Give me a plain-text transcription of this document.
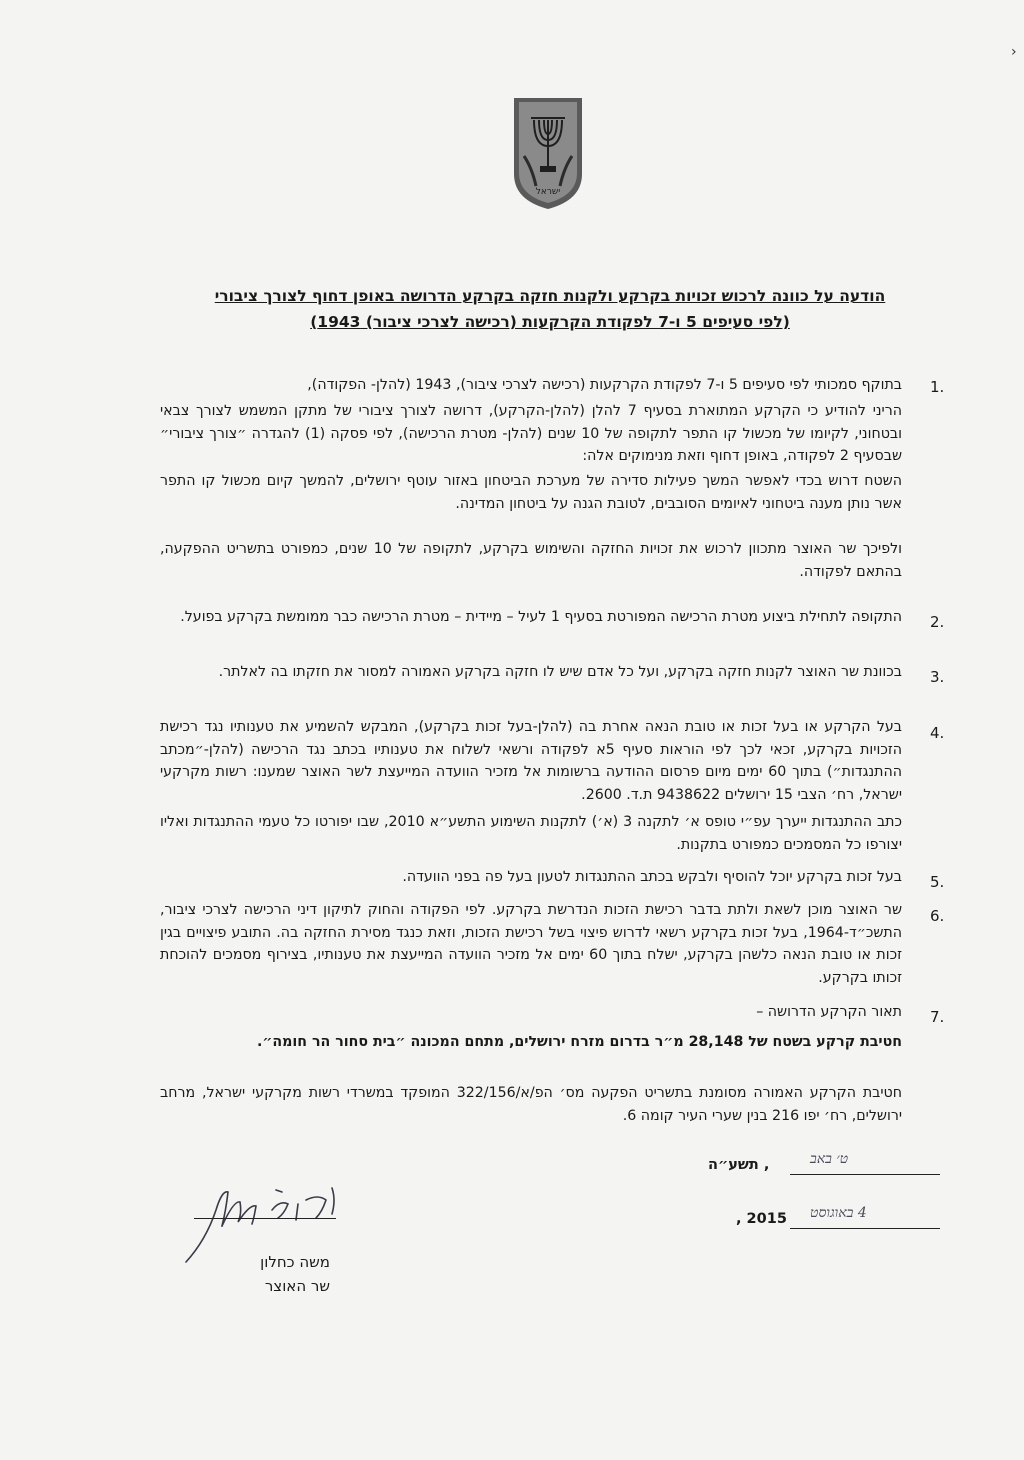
›
ישראל
הודעה על כוונה לרכוש זכויות בקרקע ולקנות חזקה בקרקע הדרושה באופן דחוף לצורך ציבורי
(לפי סעיפים 5 ו-7 לפקודת הקרקעות (רכישה לצרכי ציבור) 1943)
1.
בתוקף סמכותי לפי סעיפים 5 ו-7 לפקודת הקרקעות (רכישה לצרכי ציבור), 1943 (להלן- הפקודה),
הריני להודיע כי הקרקע המתוארת בסעיף 7 להלן (להלן-הקרקע), דרושה לצורך ציבורי של מתקן המשמש לצורך צבאי ובטחוני, לקיומו של מכשול קו התפר לתקופה של 10 שנים (להלן- מטרת הרכישה), לפי פסקה (1) להגדרה ״צורך ציבורי״ שבסעיף 2 לפקודה, באופן דחוף וזאת מנימוקים אלה:
השטח דרוש בכדי לאפשר המשך פעילות סדירה של מערכת הביטחון באזור עוטף ירושלים, להמשך קיום מכשול קו התפר אשר נותן מענה ביטחוני לאיומים הסובבים, לטובת הגנה על ביטחון המדינה.
ולפיכך שר האוצר מתכוון לרכוש את זכויות החזקה והשימוש בקרקע, לתקופה של 10 שנים, כמפורט בתשריט ההפקעה, בהתאם לפקודה.
2.
התקופה לתחילת ביצוע מטרת הרכישה המפורטת בסעיף 1 לעיל – מיידית – מטרת הרכישה כבר ממומשת בקרקע בפועל.
3.
בכוונת שר האוצר לקנות חזקה בקרקע, ועל כל אדם שיש לו חזקה בקרקע האמורה למסור את חזקתו בה לאלתר.
4.
בעל הקרקע או בעל זכות או טובת הנאה אחרת בה (להלן-בעל זכות בקרקע), המבקש להשמיע את טענותיו נגד רכישת הזכויות בקרקע, זכאי לכך לפי הוראות סעיף 5א לפקודה ורשאי לשלוח את טענותיו בכתב נגד הרכישה (להלן-״מכתב ההתנגדות״) בתוך 60 ימים מיום פרסום ההודעה ברשומות אל מזכיר הוועדה המייעצת לשר האוצר שמענו: רשות מקרקעי ישראל, רח׳ הצבי 15 ירושלים 9438622 ת.ד. 2600.
כתב ההתנגדות ייערך עפ״י טופס א׳ לתקנה 3 (א׳) לתקנות השימוע התשע״א 2010, שבו יפורטו כל טעמי ההתנגדות ואליו יצורפו כל המסמכים כמפורט בתקנות.
5.
בעל זכות בקרקע יוכל להוסיף ולבקש בכתב ההתנגדות לטעון בעל פה בפני הוועדה.
6.
שר האוצר מוכן לשאת ולתת בדבר רכישת הזכות הנדרשת בקרקע. לפי הפקודה והחוק לתיקון דיני הרכישה לצרכי ציבור, התשכ״ד-1964, בעל זכות בקרקע רשאי לדרוש פיצוי בשל רכישת הזכות, וזאת כנגד מסירת החזקה בה. התובע פיצויים בגין זכות או טובת הנאה כלשהן בקרקע, ישלח בתוך 60 ימים אל מזכיר הוועדה המייעצת את טענותיו, בצירוף מסמכים להוכחת זכותו בקרקע.
7.
תאור הקרקע הדרושה –
חטיבת קרקע בשטח של 28,148 מ״ר בדרום מזרח ירושלים, מתחם המכונה ״בית סחור הר חומה״.
חטיבת הקרקע האמורה מסומנת בתשריט הפקעה מס׳ הפ/א/322/156 המופקד במשרדי רשות מקרקעי ישראל, מרחב ירושלים, רח׳ יפו 216 בנין שערי העיר קומה 6.
ט׳ באב
, תשע״ה
4 באוגוסט
, 2015
משה כחלון
שר האוצר
